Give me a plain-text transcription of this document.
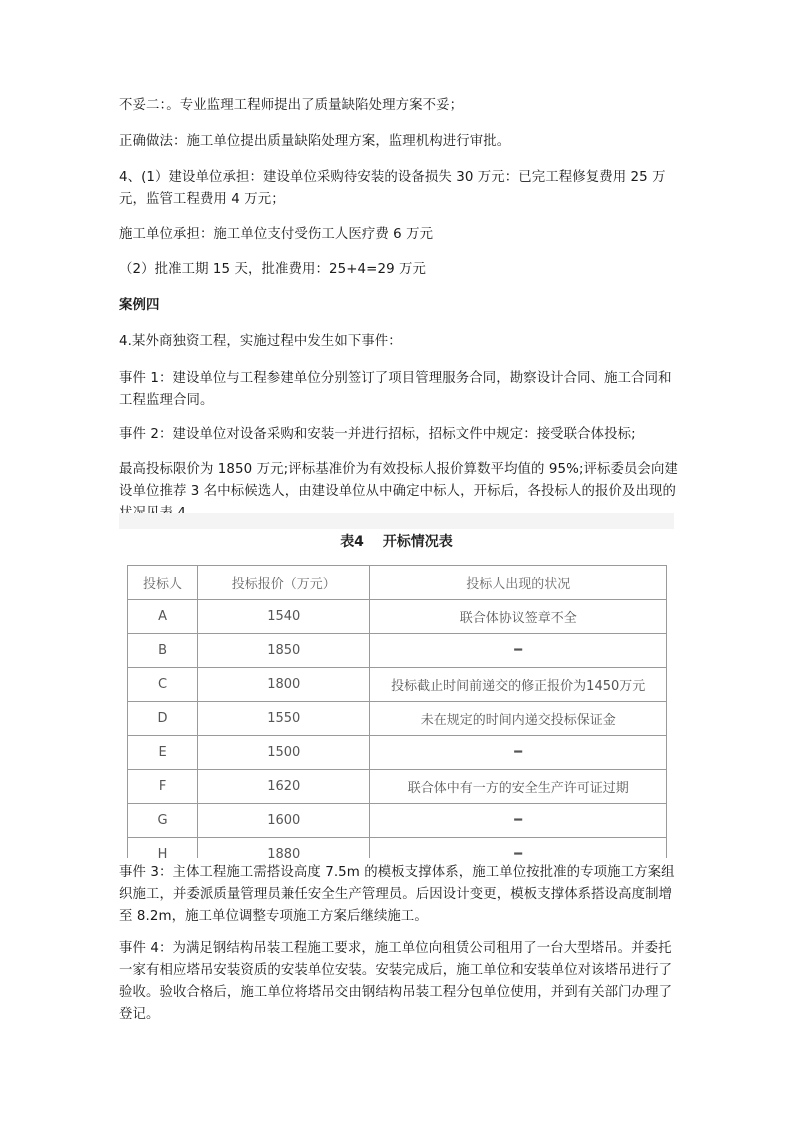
不妥二：。专业监理工程师提出了质量缺陷处理方案不妥；

正确做法：施工单位提出质量缺陷处理方案，监理机构进行审批。

4、(1）建设单位承担：建设单位采购待安装的设备损失 30 万元：已完工程修复费用 25 万元，监管工程费用 4 万元；

施工单位承担：施工单位支付受伤工人医疗费 6 万元

（2）批准工期 15 天，批准费用：25+4=29 万元

案例四

4.某外商独资工程，实施过程中发生如下事件：

事件 1：建设单位与工程参建单位分别签订了项目管理服务合同，勘察设计合同、施工合同和工程监理合同。

事件 2：建设单位对设备采购和安装一并进行招标，招标文件中规定：接受联合体投标;

最高投标限价为 1850 万元;评标基准价为有效投标人报价算数平均值的 95%;评标委员会向建设单位推荐 3 名中标候选人，由建设单位从中确定中标人，开标后，各投标人的报价及出现的

表4 开标情况表
投标人	投标报价（万元）	投标人出现的状况
A	1540	联合体协议签章不全
B	1850	━
C	1800	投标截止时间前递交的修正报价为1450万元
D	1550	未在规定的时间内递交投标保证金
E	1500	━
F	1620	联合体中有一方的安全生产许可证过期
G	1600	━
H	1880	━

事件 3：主体工程施工需搭设高度 7.5m 的模板支撑体系，施工单位按批准的专项施工方案组织施工，并委派质量管理员兼任安全生产管理员。后因设计变更，模板支撑体系搭设高度制增至 8.2m，施工单位调整专项施工方案后继续施工。

事件 4：为满足钢结构吊装工程施工要求，施工单位向租赁公司租用了一台大型塔吊。并委托一家有相应塔吊安装资质的安装单位安装。安装完成后，施工单位和安装单位对该塔吊进行了验收。验收合格后，施工单位将塔吊交由钢结构吊装工程分包单位使用，并到有关部门办理了登记。
